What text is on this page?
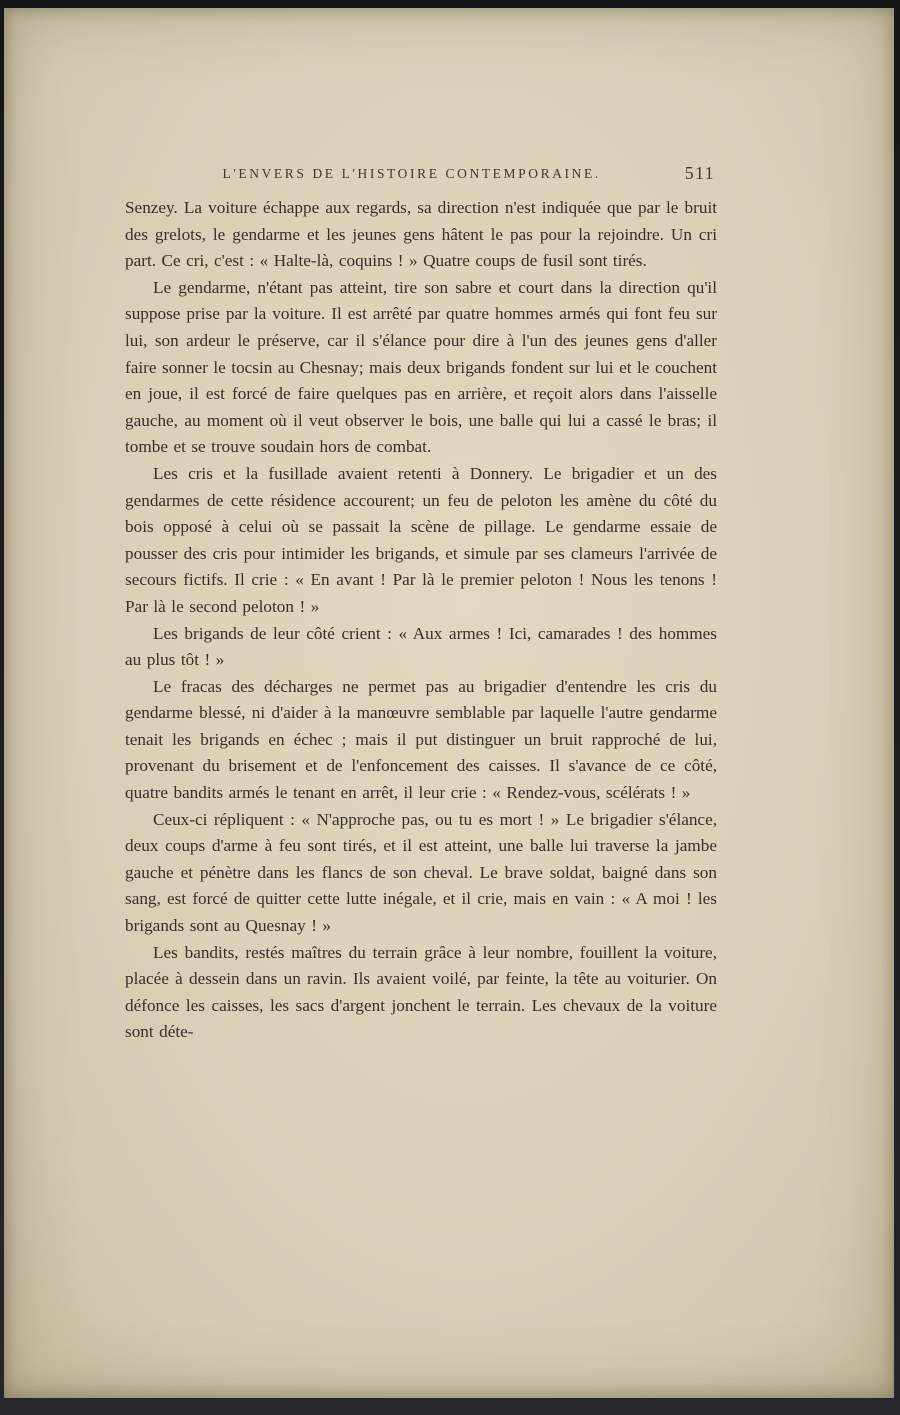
L'ENVERS DE L'HISTOIRE CONTEMPORAINE.	511

Senzey. La voiture échappe aux regards, sa direction n'est indiquée que par le bruit des grelots, le gendarme et les jeunes gens hâtent le pas pour la rejoindre. Un cri part. Ce cri, c'est : « Halte-là, coquins ! » Quatre coups de fusil sont tirés.

Le gendarme, n'étant pas atteint, tire son sabre et court dans la direction qu'il suppose prise par la voiture. Il est arrêté par quatre hommes armés qui font feu sur lui, son ardeur le préserve, car il s'élance pour dire à l'un des jeunes gens d'aller faire sonner le tocsin au Chesnay; mais deux brigands fondent sur lui et le couchent en joue, il est forcé de faire quelques pas en arrière, et reçoit alors dans l'aisselle gauche, au moment où il veut observer le bois, une balle qui lui a cassé le bras; il tombe et se trouve soudain hors de combat.

Les cris et la fusillade avaient retenti à Donnery. Le brigadier et un des gendarmes de cette résidence accourent; un feu de peloton les amène du côté du bois opposé à celui où se passait la scène de pillage. Le gendarme essaie de pousser des cris pour intimider les brigands, et simule par ses clameurs l'arrivée de secours fictifs. Il crie : « En avant ! Par là le premier peloton ! Nous les tenons ! Par là le second peloton ! »

Les brigands de leur côté crient : « Aux armes ! Ici, camarades ! des hommes au plus tôt ! »

Le fracas des décharges ne permet pas au brigadier d'entendre les cris du gendarme blessé, ni d'aider à la manœuvre semblable par laquelle l'autre gendarme tenait les brigands en échec ; mais il put distinguer un bruit rapproché de lui, provenant du brisement et de l'enfoncement des caisses. Il s'avance de ce côté, quatre bandits armés le tenant en arrêt, il leur crie : « Rendez-vous, scélérats ! »

Ceux-ci répliquent : « N'approche pas, ou tu es mort ! » Le brigadier s'élance, deux coups d'arme à feu sont tirés, et il est atteint, une balle lui traverse la jambe gauche et pénètre dans les flancs de son cheval. Le brave soldat, baigné dans son sang, est forcé de quitter cette lutte inégale, et il crie, mais en vain : « A moi ! les brigands sont au Quesnay ! »

Les bandits, restés maîtres du terrain grâce à leur nombre, fouillent la voiture, placée à dessein dans un ravin. Ils avaient voilé, par feinte, la tête au voiturier. On défonce les caisses, les sacs d'argent jonchent le terrain. Les chevaux de la voiture sont déte-
